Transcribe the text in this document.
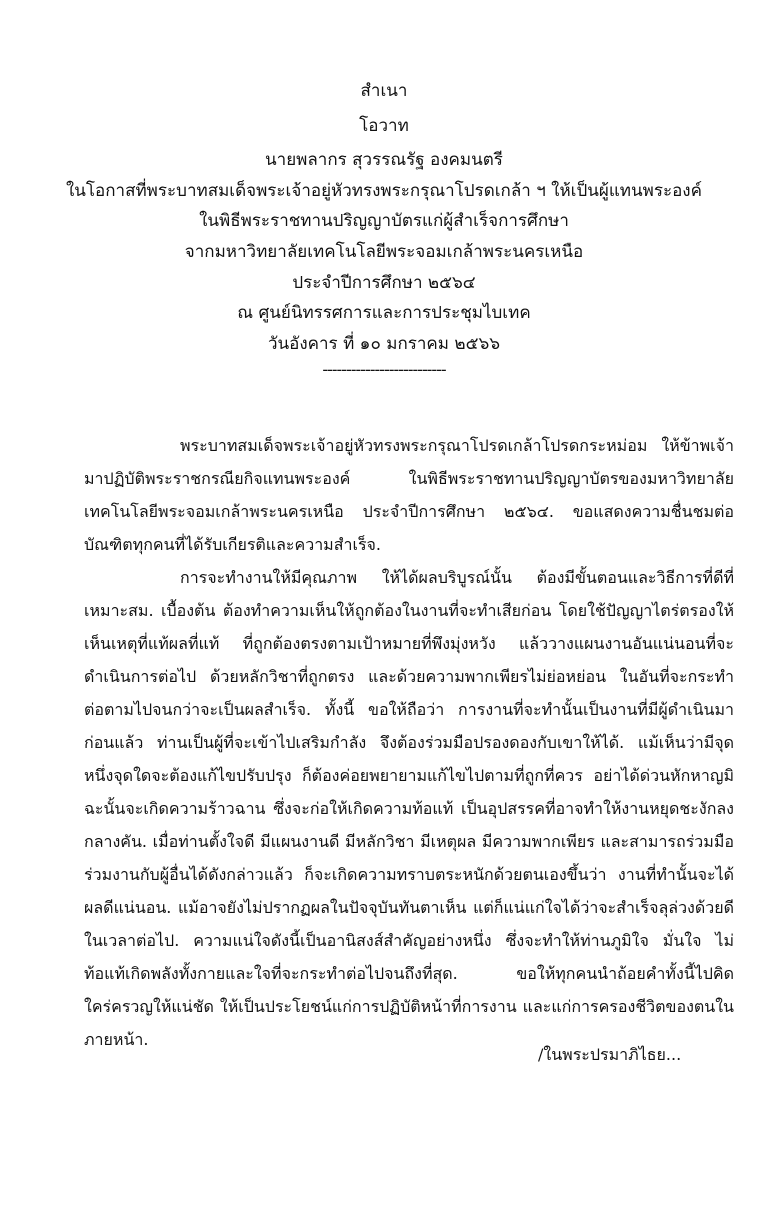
สำเนา
โอวาท
นายพลากร สุวรรณรัฐ องคมนตรี
ในโอกาสที่พระบาทสมเด็จพระเจ้าอยู่หัวทรงพระกรุณาโปรดเกล้า ฯ ให้เป็นผู้แทนพระองค์
ในพิธีพระราชทานปริญญาบัตรแก่ผู้สำเร็จการศึกษา
จากมหาวิทยาลัยเทคโนโลยีพระจอมเกล้าพระนครเหนือ
ประจำปีการศึกษา ๒๕๖๔
ณ ศูนย์นิทรรศการและการประชุมไบเทค
วันอังคาร ที่ ๑๐ มกราคม ๒๕๖๖
--------------------------

พระบาทสมเด็จพระเจ้าอยู่หัวทรงพระกรุณาโปรดเกล้าโปรดกระหม่อม ให้ข้าพเจ้ามาปฏิบัติพระราชกรณียกิจแทนพระองค์ ในพิธีพระราชทานปริญญาบัตรของมหาวิทยาลัยเทคโนโลยีพระจอมเกล้าพระนครเหนือ ประจำปีการศึกษา ๒๕๖๔. ขอแสดงความชื่นชมต่อบัณฑิตทุกคนที่ได้รับเกียรติและความสำเร็จ.

การจะทำงานให้มีคุณภาพ ให้ได้ผลบริบูรณ์นั้น ต้องมีขั้นตอนและวิธีการที่ดีที่เหมาะสม. เบื้องต้น ต้องทำความเห็นให้ถูกต้องในงานที่จะทำเสียก่อน โดยใช้ปัญญาไตร่ตรองให้เห็นเหตุที่แท้ผลที่แท้ ที่ถูกต้องตรงตามเป้าหมายที่พึงมุ่งหวัง แล้ววางแผนงานอันแน่นอนที่จะดำเนินการต่อไป ด้วยหลักวิชาที่ถูกตรง และด้วยความพากเพียรไม่ย่อหย่อน ในอันที่จะกระทำต่อตามไปจนกว่าจะเป็นผลสำเร็จ. ทั้งนี้ ขอให้ถือว่า การงานที่จะทำนั้นเป็นงานที่มีผู้ดำเนินมาก่อนแล้ว ท่านเป็นผู้ที่จะเข้าไปเสริมกำลัง จึงต้องร่วมมือปรองดองกับเขาให้ได้. แม้เห็นว่ามีจุดหนึ่งจุดใดจะต้องแก้ไขปรับปรุง ก็ต้องค่อยพยายามแก้ไขไปตามที่ถูกที่ควร อย่าได้ด่วนหักหาญมิฉะนั้นจะเกิดความร้าวฉาน ซึ่งจะก่อให้เกิดความท้อแท้ เป็นอุปสรรคที่อาจทำให้งานหยุดชะงักลงกลางคัน. เมื่อท่านตั้งใจดี มีแผนงานดี มีหลักวิชา มีเหตุผล มีความพากเพียร และสามารถร่วมมือร่วมงานกับผู้อื่นได้ดังกล่าวแล้ว ก็จะเกิดความทราบตระหนักด้วยตนเองขึ้นว่า งานที่ทำนั้นจะได้ผลดีแน่นอน. แม้อาจยังไม่ปรากฏผลในปัจจุบันทันตาเห็น แต่ก็แน่แก่ใจได้ว่าจะสำเร็จลุล่วงด้วยดีในเวลาต่อไป. ความแน่ใจดังนี้เป็นอานิสงส์สำคัญอย่างหนึ่ง ซึ่งจะทำให้ท่านภูมิใจ มั่นใจ ไม่ท้อแท้เกิดพลังทั้งกายและใจที่จะกระทำต่อไปจนถึงที่สุด. ขอให้ทุกคนนำถ้อยคำทั้งนี้ไปคิดใคร่ครวญให้แน่ชัด ให้เป็นประโยชน์แก่การปฏิบัติหน้าที่การงาน และแก่การครองชีวิตของตนในภายหน้า.

/ในพระปรมาภิไธย...
